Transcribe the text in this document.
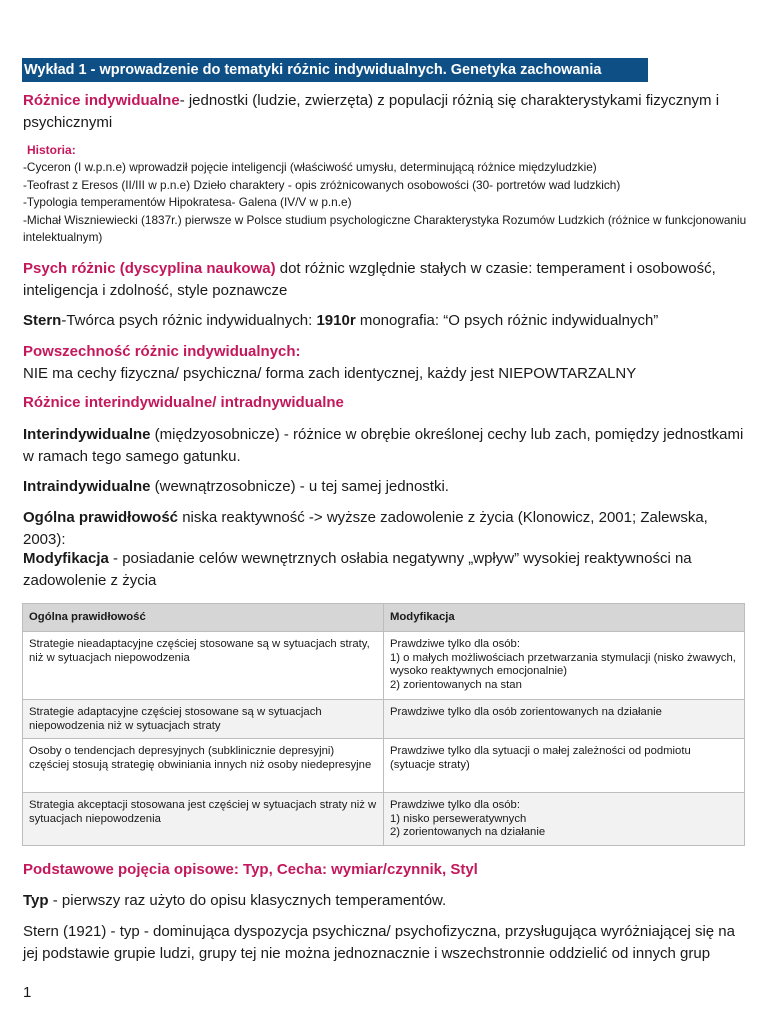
Wykład 1 - wprowadzenie do tematyki różnic indywidualnych. Genetyka zachowania
Różnice indywidualne- jednostki (ludzie, zwierzęta) z populacji różnią się charakterystykami fizycznym i psychicznymi
Historia:
-Cyceron (I w.p.n.e) wprowadził pojęcie inteligencji (właściwość umysłu, determinującą różnice międzyludzkie)
-Teofrast z Eresos (II/III w p.n.e) Dzieło charaktery - opis zróżnicowanych osobowości (30- portretów wad ludzkich)
-Typologia temperamentów Hipokratesa- Galena (IV/V w p.n.e)
-Michał Wiszniewiecki (1837r.) pierwsze w Polsce studium psychologiczne Charakterystyka Rozumów Ludzkich (różnice w funkcjonowaniu intelektualnym)
Psych różnic (dyscyplina naukowa) dot różnic względnie stałych w czasie: temperament i osobowość, inteligencja i zdolność, style poznawcze
Stern-Twórca psych różnic indywidualnych: 1910r monografia: “O psych różnic indywidualnych”
Powszechność różnic indywidualnych:
NIE ma cechy fizyczna/ psychiczna/ forma zach identycznej, każdy jest NIEPOWTARZALNY
Różnice interindywidualne/ intradnywidualne
Interindywidualne (międzyosobnicze) - różnice w obrębie określonej cechy lub zach, pomiędzy jednostkami w ramach tego samego gatunku.
Intraindywidualne (wewnątrzosobnicze) - u tej samej jednostki.
Ogólna prawidłowość niska reaktywność -> wyższe zadowolenie z życia (Klonowicz, 2001; Zalewska, 2003):
Modyfikacja - posiadanie celów wewnętrznych osłabia negatywny „wpływ” wysokiej reaktywności na zadowolenie z życia
Ogólna prawidłowość	Modyfikacja
Strategie nieadaptacyjne częściej stosowane są w sytuacjach straty, niż w sytuacjach niepowodzenia	Prawdziwe tylko dla osób:
1) o małych możliwościach przetwarzania stymulacji (nisko żwawych, wysoko reaktywnych emocjonalnie)
2) zorientowanych na stan

Strategie adaptacyjne częściej stosowane są w sytuacjach niepowodzenia niż w sytuacjach straty	Prawdziwe tylko dla osób zorientowanych na działanie

Osoby o tendencjach depresyjnych (subklinicznie depresyjni) częściej stosują strategię obwiniania innych niż osoby niedepresyjne	Prawdziwe tylko dla sytuacji o małej zależności od podmiotu (sytuacje straty)

Strategia akceptacji stosowana jest częściej w sytuacjach straty niż w sytuacjach niepowodzenia	Prawdziwe tylko dla osób:
1) nisko perseweratywnych
2) zorientowanych na działanie
Podstawowe pojęcia opisowe: Typ, Cecha: wymiar/czynnik, Styl
Typ - pierwszy raz użyto do opisu klasycznych temperamentów.
Stern (1921) - typ - dominująca dyspozycja psychiczna/ psychofizyczna, przysługująca wyróżniającej się na jej podstawie grupie ludzi, grupy tej nie można jednoznacznie i wszechstronnie oddzielić od innych grup
1
